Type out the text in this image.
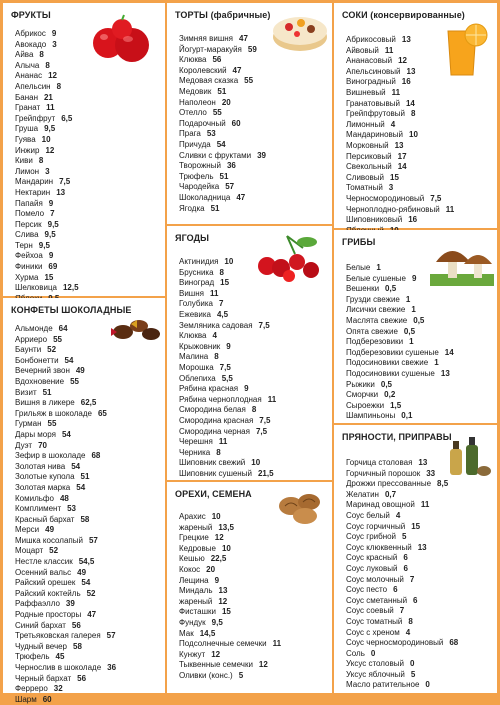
ФРУКТЫ
Абрикос 9
Авокадо 3
Айва 8
Алыча 8
Ананас 12
Апельсин 8
Банан 21
Гранат 11
Грейпфрут 6,5
Груша 9,5
Гуява 10
Инжир 12
Киви 8
Лимон 3
Мандарин 7,5
Нектарин 13
Папайя 9
Помело 7
Персик 9,5
Слива 9,5
Терн 9,5
Фейхоа 9
Финики 69
Хурма 15
Шелковица 12,5
ТОРТЫ (фабричные)
Зимняя вишня 47
Йогурт-маракуйя 59
Клюква 56
Королевский 47
Медовая сказка 55
Медовик 51
Наполеон 20
Отелло 55
Подарочный 60
Прага 53
Причуда 54
Сливки с фруктами 39
Творожный 36
Трюфель 51
Чародейка 57
Шоколадница 47
Ягодка 51
СОКИ (консервированные)
Абрикосовый 13
Айвовый 11
Ананасовый 12
Апельсиновый 13
Виноградный 16
Вишневый 11
Гранатовывый 14
Грейпфрутовый 8
Лимонный 4
Мандариновый 10
Морковный 13
Персиковый 17
Свекольный 14
Сливовый 15
Томатный 3
Черносмородиновый 7,5
Чернoплодно-рябиновый 11
Шиповниковый 16
ЯГОДЫ
Актинидия 10
Брусника 8
Виноград 15
Вишня 11
Голубика 7
Ежевика 4,5
Земляника садовая 7,5
Клюква 4
Крыжовник 9
Малина 8
Морошка 7,5
Облепиха 5,5
Рябина красная 9
Рябина черноплодная 11
Смородина белая 8
Смородина красная 7,5
Смородина черная 7,5
Черешня 11
Черника 8
Шиповник свежий 10
Шиповник сушеный 21,5
ГРИБЫ
Белые 1
Белые сушеные 9
Вешенки 0,5
Грузди свежие 1
Лисички свежие 1
Маслята свежие 0,5
Опята свежие 0,5
Подберезовики 1
Подберезовики сушеные 14
Подосиновики свежие 1
Подосиновики сушеные 13
Рыжики 0,5
Сморчки 0,2
Сыроежки 1,5
Шампиньоны 0,1
КОНФЕТЫ ШОКОЛАДНЫЕ
Альмонде 64
Арриеро 55
Баунти 52
Бонбонетти 54
Вечерний звон 49
Вдохновение 55
Визит 51
Вишня в ликере 62,5
Грильяж в шоколаде 65
Гурман 55
Дары моря 54
Дуэт 70
Зефир в шоколаде 68
Золотая нива 54
Золотые купола 51
Золотая марка 54
Комильфо 48
Комплимент 53
Красный бархат 58
Мерси 49
Мишка косолапый 57
Моцарт 52
Нестле классик 54,5
Осенний вальс 49
Райский орешек 54
Райский коктейль 52
Раффаэлло 39
Родные просторы 47
Синий бархат 56
Третьяковская галерея 57
Чудный вечер 58
Трюфель 45
Чернослив в шоколаде 36
Черный бархат 56
Ферреро 32
Шарм 60
ОРЕХИ, СЕМЕНА
Арахис 10
жареный 13,5
Грецкие 12
Кедровые 10
Кешью 22,5
Кокос 20
Лещина 9
Миндаль 13
жареный 12
Фисташки 15
Фундук 9,5
Мак 14,5
Подсолнечные семечки 11
Кунжут 12
Тыквенные семечки 12
Оливки (конс.) 5
ПРЯНОСТИ, ПРИПРАВЫ
Горчица столовая 13
Горчичный порошок 33
Дрожжи прессованные 8,5
Желатин 0,7
Маринад овощной 11
Соус белый 4
Соус горчичный 15
Соус грибной 5
Соус клюквенный 13
Соус красный 6
Соус луковый 6
Соус молочный 7
Соус песто 6
Соус сметанный 6
Соус соевый 7
Соус томатный 8
Соус с хреном 4
Соус черносмородиновый 68
Соль 0
Уксус столовый 0
Уксус яблочный 5
Масло ратительное 0
